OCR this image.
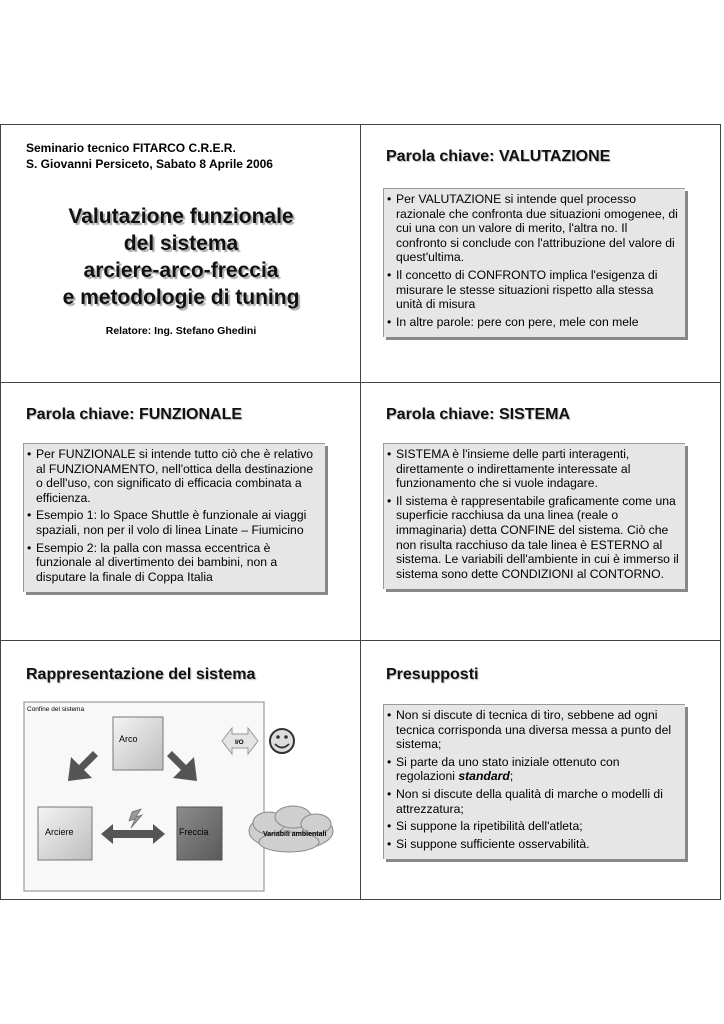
Seminario tecnico FITARCO C.R.E.R.
S. Giovanni Persiceto, Sabato 8 Aprile 2006
Valutazione funzionale
del sistema
arciere-arco-freccia
e metodologie di tuning
Relatore: Ing. Stefano Ghedini
Parola chiave: VALUTAZIONE
• Per VALUTAZIONE si intende quel processo razionale che confronta due situazioni omogenee, di cui una con un valore di merito, l'altra no. Il confronto si conclude con l'attribuzione del valore di quest'ultima.
• Il concetto di CONFRONTO implica l'esigenza di misurare le stesse situazioni rispetto alla stessa unità di misura
• In altre parole: pere con pere, mele con mele
Parola chiave: FUNZIONALE
• Per FUNZIONALE si intende tutto ciò che è relativo al FUNZIONAMENTO, nell'ottica della destinazione o dell'uso, con significato di efficacia combinata a efficienza.
• Esempio 1: lo Space Shuttle è funzionale ai viaggi spaziali, non per il volo di linea Linate – Fiumicino
• Esempio 2: la palla con massa eccentrica è funzionale al divertimento dei bambini, non a disputare la finale di Coppa Italia
Parola chiave: SISTEMA
• SISTEMA è l'insieme delle parti interagenti, direttamente o indirettamente interessate al funzionamento che si vuole indagare.
• Il sistema è rappresentabile graficamente come una superficie racchiusa da una linea (reale o immaginaria) detta CONFINE del sistema. Ciò che non risulta racchiuso da tale linea è ESTERNO al sistema. Le variabili dell'ambiente in cui è immerso il sistema sono dette CONDIZIONI al CONTORNO.
Rappresentazione del sistema
Confine del sistema
Arco
Arciere	Freccia
I/O
Variabili ambientali
Presupposti
• Non si discute di tecnica di tiro, sebbene ad ogni tecnica corrisponda una diversa messa a punto del sistema;
• Si parte da uno stato iniziale ottenuto con regolazioni standard;
• Non si discute della qualità di marche o modelli di attrezzatura;
• Si suppone la ripetibilità dell'atleta;
• Si suppone sufficiente osservabilità.
